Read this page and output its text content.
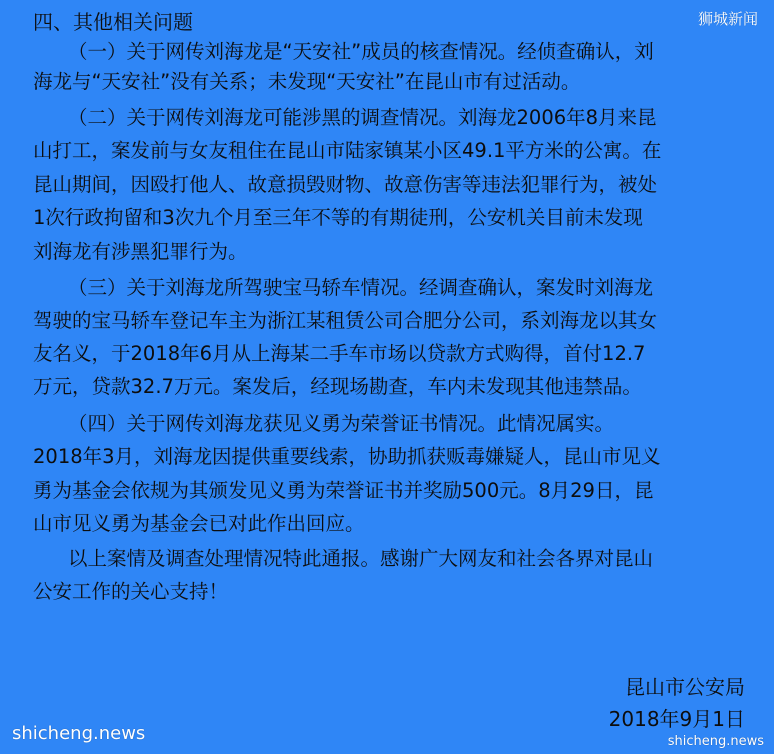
狮城新闻
四、其他相关问题
（一）关于网传刘海龙是“天安社”成员的核查情况。经侦查确认，刘
海龙与“天安社”没有关系；未发现“天安社”在昆山市有过活动。
（二）关于网传刘海龙可能涉黑的调查情况。刘海龙2006年8月来昆
山打工，案发前与女友租住在昆山市陆家镇某小区49.1平方米的公寓。在
昆山期间，因殴打他人、故意损毁财物、故意伤害等违法犯罪行为，被处
1次行政拘留和3次九个月至三年不等的有期徒刑，公安机关目前未发现
刘海龙有涉黑犯罪行为。
（三）关于刘海龙所驾驶宝马轿车情况。经调查确认，案发时刘海龙
驾驶的宝马轿车登记车主为浙江某租赁公司合肥分公司，系刘海龙以其女
友名义，于2018年6月从上海某二手车市场以贷款方式购得，首付12.7
万元，贷款32.7万元。案发后，经现场勘查，车内未发现其他违禁品。
（四）关于网传刘海龙获见义勇为荣誉证书情况。此情况属实。
2018年3月，刘海龙因提供重要线索，协助抓获贩毒嫌疑人，昆山市见义
勇为基金会依规为其颁发见义勇为荣誉证书并奖励500元。8月29日，昆
山市见义勇为基金会已对此作出回应。
以上案情及调查处理情况特此通报。感谢广大网友和社会各界对昆山
公安工作的关心支持！
昆山市公安局
2018年9月1日
shicheng.news	shicheng.news
